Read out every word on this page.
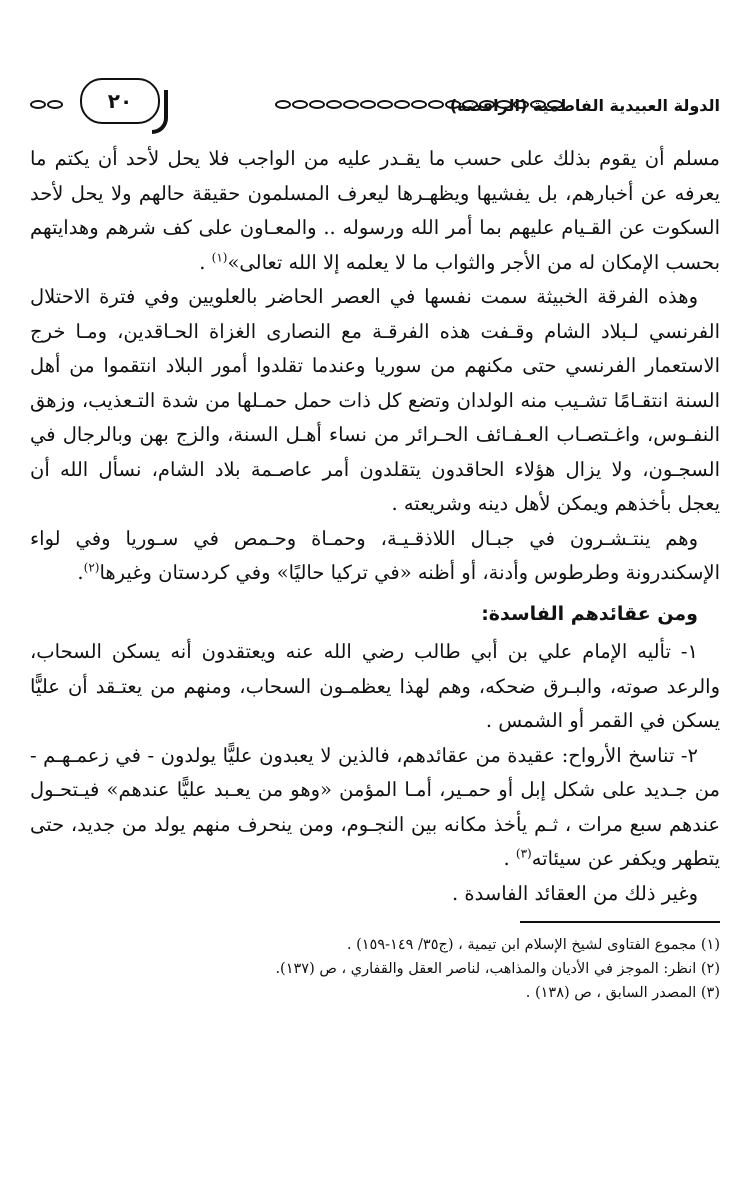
٢٠	الدولة العبيدية الفاطمية (الرافضة)

مسلم أن يقوم بذلك على حسب ما يقـدر عليه من الواجب فلا يحل لأحد أن يكتم ما يعرفه عن أخبارهم، بل يفشيها ويظهـرها ليعرف المسلمون حقيقة حالهم ولا يحل لأحد السكوت عن القـيام عليهم بما أمر الله ورسوله .. والمعـاون على كف شرهم وهدايتهم بحسب الإمكان له من الأجر والثواب ما لا يعلمه إلا الله تعالى»$^{(١)}$ .

وهذه الفرقة الخبيثة سمت نفسها في العصر الحاضر بالعلويين وفي فترة الاحتلال الفرنسي لـبلاد الشام وقـفت هذه الفرقـة مع النصارى الغزاة الحـاقدين، ومـا خرج الاستعمار الفرنسي حتى مكنهم من سوريا وعندما تقلدوا أمور البلاد انتقموا من أهل السنة انتقـامًا تشـيب منه الولدان وتضع كل ذات حمل حمـلها من شدة التـعذيب، وزهق النفـوس، واغـتصـاب العـفـائف الحـرائر من نساء أهـل السنة، والزج بهن وبالرجال في السجـون، ولا يزال هؤلاء الحاقدون يتقلدون أمر عاصـمة بلاد الشام، نسأل الله أن يعجل بأخذهم ويمكن لأهل دينه وشريعته .

وهم ينتـشـرون في جبـال اللاذقـيـة، وحمـاة وحـمص في سـوريا وفي لواء الإسكندرونة وطرطوس وأدنة، أو أظنه «في تركيا حاليًا» وفي كردستان وغيرها$^{(٢)}$.

ومن عقائدهم الفاسدة:

١- تأليه الإمام علي بن أبي طالب رضي الله عنه ويعتقدون أنه يسكن السحاب، والرعد صوته، والبـرق ضحكه، وهم لهذا يعظمـون السحاب، ومنهم من يعتـقد أن عليًّا يسكن في القمر أو الشمس .

٢- تناسخ الأرواح: عقيدة من عقائدهم، فالذين لا يعبدون عليًّا يولدون - في زعمـهـم - من جـديد على شكل إبل أو حمـير، أمـا المؤمن «وهو من يعـبد عليًّا عندهم» فيـتحـول عندهم سبع مرات ، ثـم يأخذ مكانه بين النجـوم، ومن ينحرف منهم يولد من جديد، حتى يتطهر ويكفر عن سيئاته$^{(٣)}$ .

وغير ذلك من العقائد الفاسدة .

(١) مجموع الفتاوى لشيخ الإسلام ابن تيمية ، (ج٣٥/ ١٤٩-١٥٩) .

(٢) انظر: الموجز في الأديان والمذاهب، لناصر العقل والقفاري ، ص (١٣٧).

(٣) المصدر السابق ، ص (١٣٨) .
